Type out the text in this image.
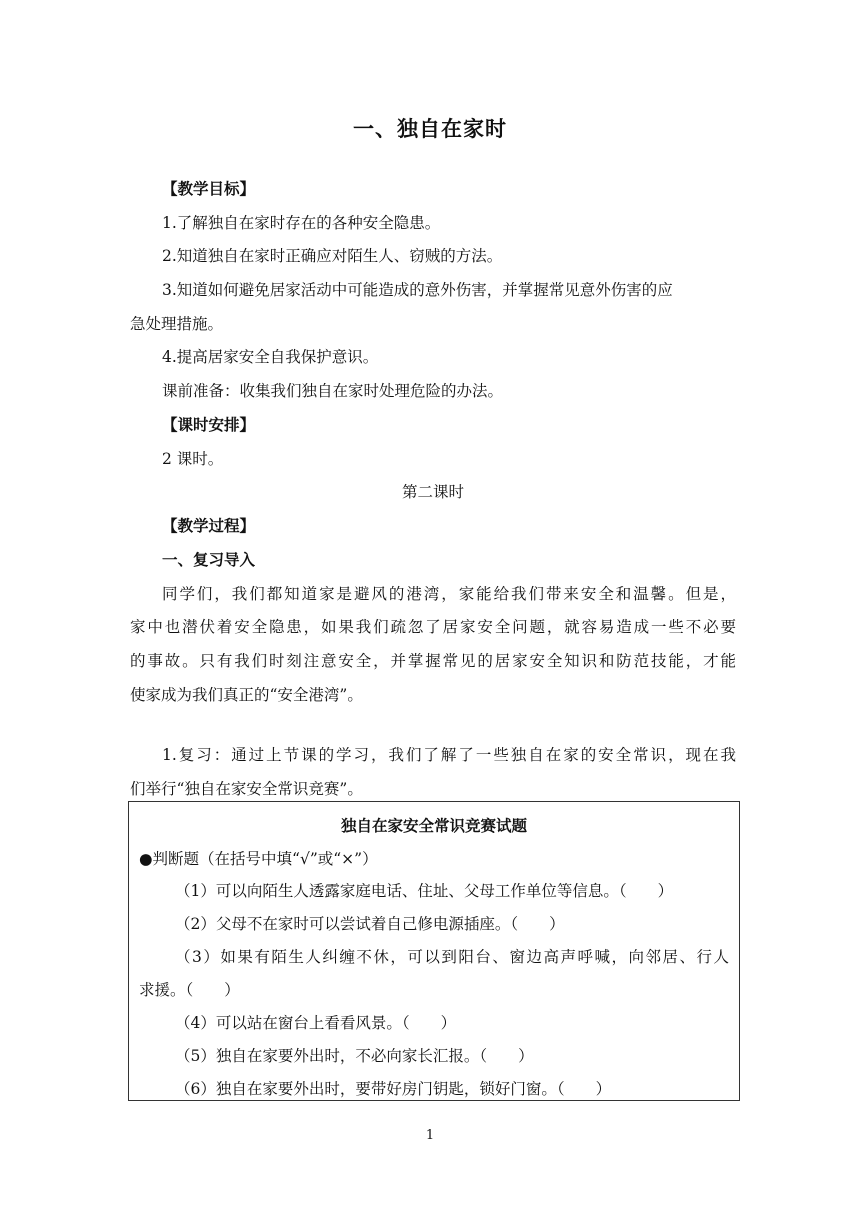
一、独自在家时
【教学目标】
1.了解独自在家时存在的各种安全隐患。
2.知道独自在家时正确应对陌生人、窃贼的方法。
3.知道如何避免居家活动中可能造成的意外伤害，并掌握常见意外伤害的应
急处理措施。
4.提高居家安全自我保护意识。
课前准备：收集我们独自在家时处理危险的办法。
【课时安排】
2 课时。
第二课时
【教学过程】
一、复习导入
同学们，我们都知道家是避风的港湾，家能给我们带来安全和温馨。但是，
家中也潜伏着安全隐患，如果我们疏忽了居家安全问题，就容易造成一些不必要
的事故。只有我们时刻注意安全，并掌握常见的居家安全知识和防范技能，才能
使家成为我们真正的“安全港湾”。
1.复习：通过上节课的学习，我们了解了一些独自在家的安全常识，现在我
们举行“独自在家安全常识竞赛”。
独自在家安全常识竞赛试题
●判断题（在括号中填“√”或“×”）
（1）可以向陌生人透露家庭电话、住址、父母工作单位等信息。（　　）
（2）父母不在家时可以尝试着自己修电源插座。（　　）
（3）如果有陌生人纠缠不休，可以到阳台、窗边高声呼喊，向邻居、行人
求援。（　　）
（4）可以站在窗台上看看风景。（　　）
（5）独自在家要外出时，不必向家长汇报。（　　）
（6）独自在家要外出时，要带好房门钥匙，锁好门窗。（　　）
1
